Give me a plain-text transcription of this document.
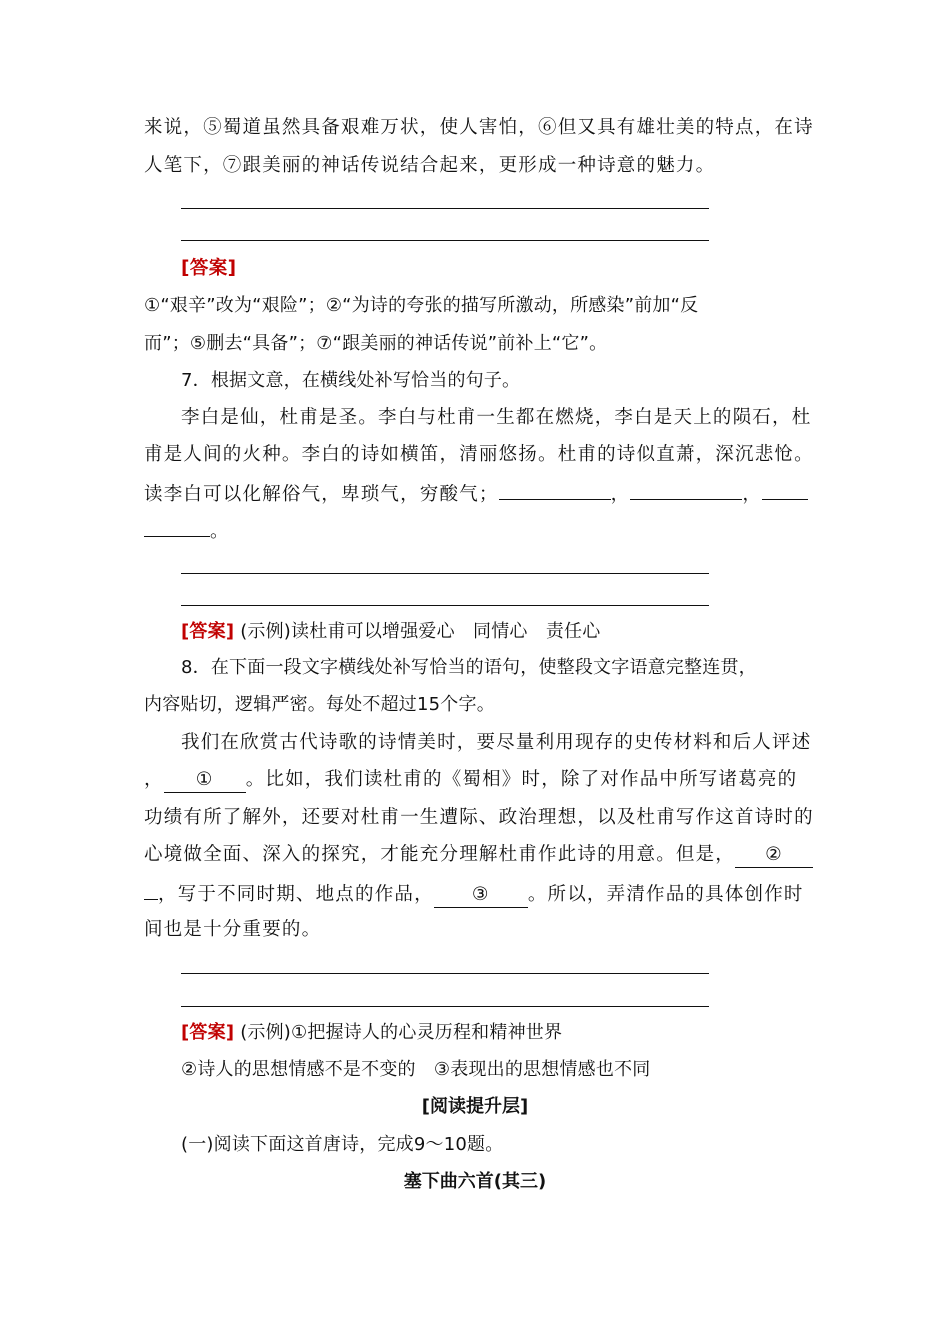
来说，⑤蜀道虽然具备艰难万状，使人害怕，⑥但又具有雄壮美的特点，在诗
人笔下，⑦跟美丽的神话传说结合起来，更形成一种诗意的魅力。
[答案]
①“艰辛”改为“艰险”；②“为诗的夸张的描写所激动，所感染”前加“反
而”；⑤删去“具备”；⑦“跟美丽的神话传说”前补上“它”。
7．根据文意，在横线处补写恰当的句子。
李白是仙，杜甫是圣。李白与杜甫一生都在燃烧，李白是天上的陨石，杜
甫是人间的火种。李白的诗如横笛，清丽悠扬。杜甫的诗似直萧，深沉悲怆。
读李白可以化解俗气，卑琐气，穷酸气；	，	，
。
[答案] (示例)读杜甫可以增强爱心　同情心　责任心
8．在下面一段文字横线处补写恰当的语句，使整段文字语意完整连贯，
内容贴切，逻辑严密。每处不超过15个字。
我们在欣赏古代诗歌的诗情美时，要尽量利用现存的史传材料和后人评述
， ① 。比如，我们读杜甫的《蜀相》时，除了对作品中所写诸葛亮的
功绩有所了解外，还要对杜甫一生遭际、政治理想，以及杜甫写作这首诗时的
心境做全面、深入的探究，才能充分理解杜甫作此诗的用意。但是， ②
，写于不同时期、地点的作品， ③ 。所以，弄清作品的具体创作时
间也是十分重要的。
[答案] (示例)①把握诗人的心灵历程和精神世界
②诗人的思想情感不是不变的　③表现出的思想情感也不同
[阅读提升层]
(一)阅读下面这首唐诗，完成9～10题。
塞下曲六首(其三)
